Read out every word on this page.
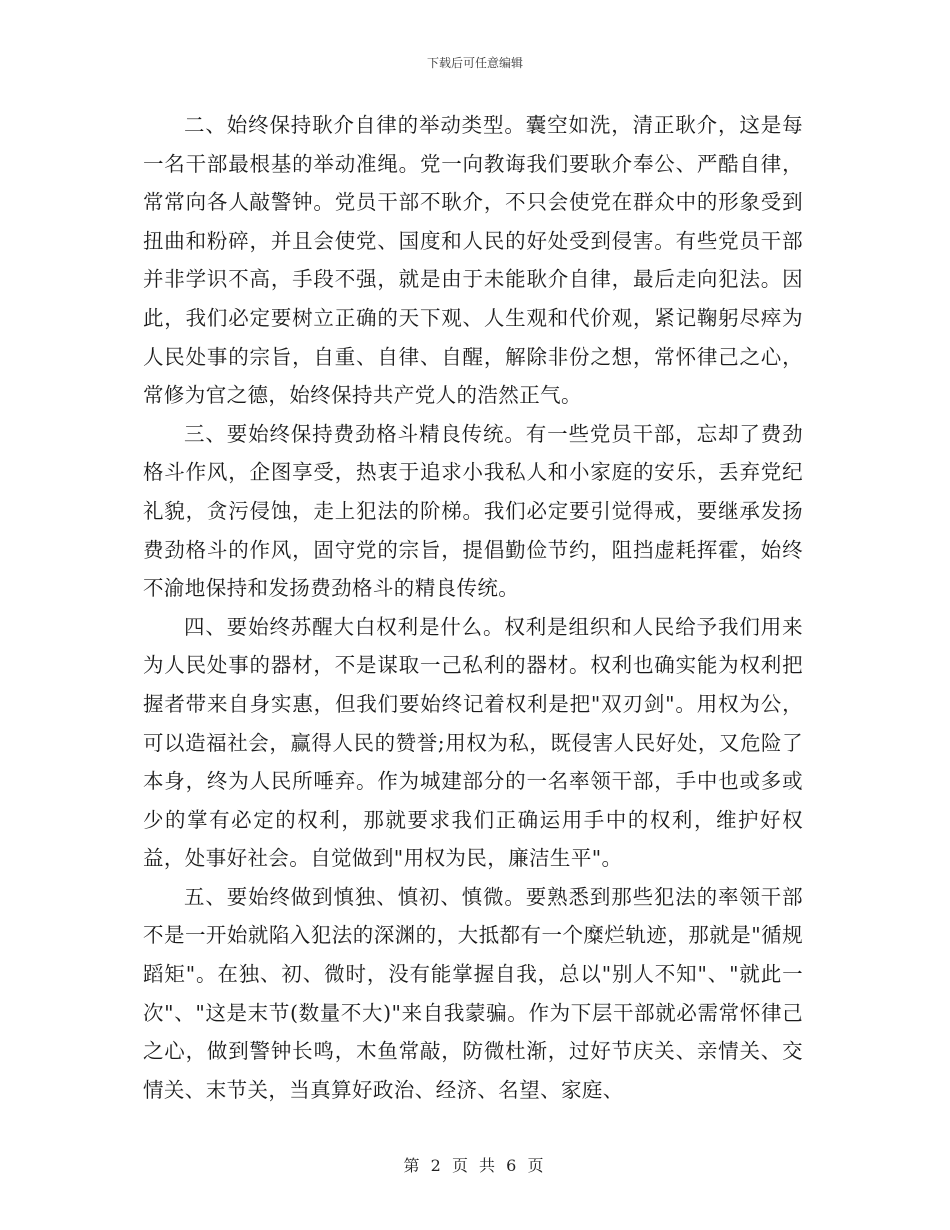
下载后可任意编辑

二、始终保持耿介自律的举动类型。囊空如洗，清正耿介，这是每一名干部最根基的举动准绳。党一向教诲我们要耿介奉公、严酷自律，常常向各人敲警钟。党员干部不耿介，不只会使党在群众中的形象受到扭曲和粉碎，并且会使党、国度和人民的好处受到侵害。有些党员干部并非学识不高，手段不强，就是由于未能耿介自律，最后走向犯法。因此，我们必定要树立正确的天下观、人生观和代价观，紧记鞠躬尽瘁为人民处事的宗旨，自重、自律、自醒，解除非份之想，常怀律己之心，常修为官之德，始终保持共产党人的浩然正气。

三、要始终保持费劲格斗精良传统。有一些党员干部，忘却了费劲格斗作风，企图享受，热衷于追求小我私人和小家庭的安乐，丢弃党纪礼貌，贪污侵蚀，走上犯法的阶梯。我们必定要引觉得戒，要继承发扬费劲格斗的作风，固守党的宗旨，提倡勤俭节约，阻挡虚耗挥霍，始终不渝地保持和发扬费劲格斗的精良传统。

四、要始终苏醒大白权利是什么。权利是组织和人民给予我们用来为人民处事的器材，不是谋取一己私利的器材。权利也确实能为权利把握者带来自身实惠，但我们要始终记着权利是把"双刃剑"。用权为公，可以造福社会，赢得人民的赞誉;用权为私，既侵害人民好处，又危险了本身，终为人民所唾弃。作为城建部分的一名率领干部，手中也或多或少的掌有必定的权利，那就要求我们正确运用手中的权利，维护好权益，处事好社会。自觉做到"用权为民，廉洁生平"。

五、要始终做到慎独、慎初、慎微。要熟悉到那些犯法的率领干部不是一开始就陷入犯法的深渊的，大抵都有一个糜烂轨迹，那就是"循规蹈矩"。在独、初、微时，没有能掌握自我，总以"别人不知"、"就此一次"、"这是末节(数量不大)"来自我蒙骗。作为下层干部就必需常怀律己之心，做到警钟长鸣，木鱼常敲，防微杜渐，过好节庆关、亲情关、交情关、末节关，当真算好政治、经济、名望、家庭、

第 2 页 共 6 页
